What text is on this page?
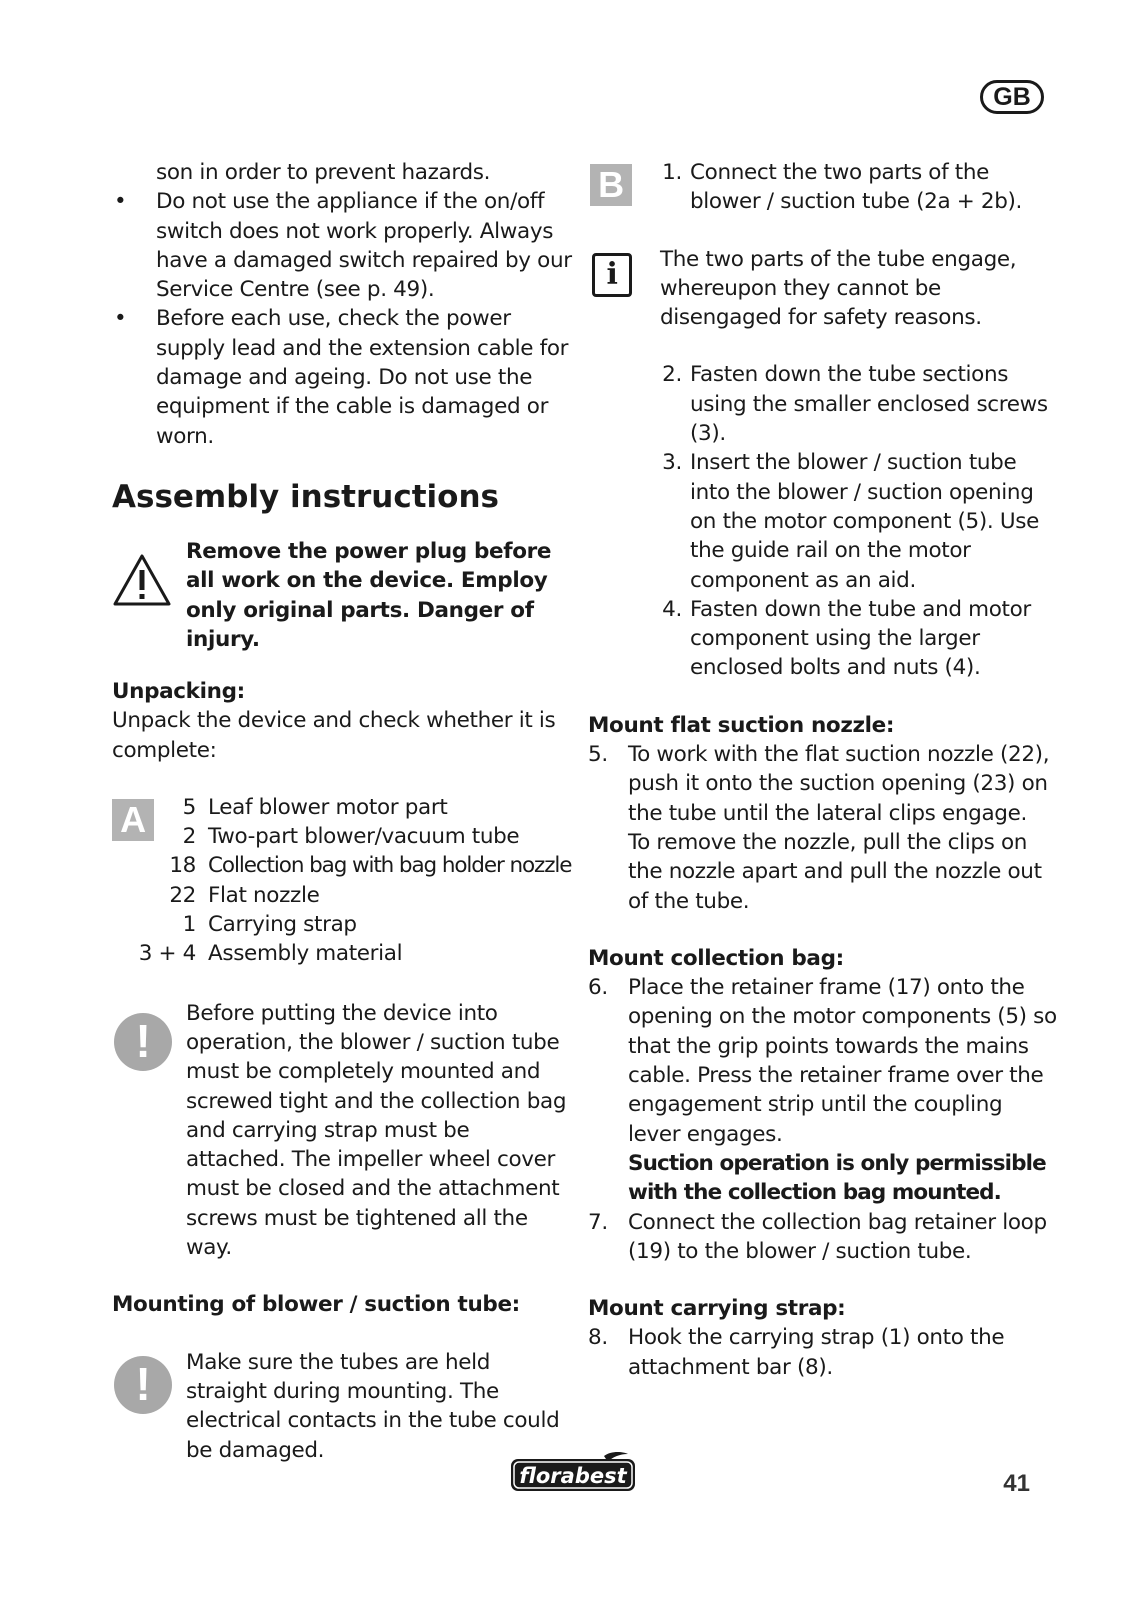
GB
son in order to prevent hazards.
• Do not use the appliance if the on/off switch does not work properly. Always have a damaged switch repaired by our Service Centre (see p. 49).
• Before each use, check the power supply lead and the extension cable for damage and ageing. Do not use the equipment if the cable is damaged or worn.
Assembly instructions
Remove the power plug before all work on the device. Employ only original parts. Danger of injury.
Unpacking:
Unpack the device and check whether it is complete:
A	5 Leaf blower motor part
2 Two-part blower/vacuum tube
18 Collection bag with bag holder nozzle
22 Flat nozzle
1 Carrying strap
3 + 4 Assembly material
!
Before putting the device into operation, the blower / suction tube must be completely mounted and screwed tight and the collection bag and carrying strap must be attached. The impeller wheel cover must be closed and the attachment screws must be tightened all the way.
Mounting of blower / suction tube:
!	Make sure the tubes are held straight during mounting. The electrical contacts in the tube could be damaged.
B	1. Connect the two parts of the blower / suction tube (2a + 2b).
i	The two parts of the tube engage, whereupon they cannot be disengaged for safety reasons.
2. Fasten down the tube sections using the smaller enclosed screws (3).
3. Insert the blower / suction tube into the blower / suction opening on the motor component (5). Use the guide rail on the motor component as an aid.
4. Fasten down the tube and motor component using the larger enclosed bolts and nuts (4).
Mount flat suction nozzle:
5. To work with the flat suction nozzle (22), push it onto the suction opening (23) on the tube until the lateral clips engage.
To remove the nozzle, pull the clips on the nozzle apart and pull the nozzle out of the tube.
Mount collection bag:
6. Place the retainer frame (17) onto the opening on the motor components (5) so that the grip points towards the mains cable. Press the retainer frame over the engagement strip until the coupling lever engages.
Suction operation is only permissible with the collection bag mounted.
7. Connect the collection bag retainer loop (19) to the blower / suction tube.
Mount carrying strap:
8. Hook the carrying strap (1) onto the attachment bar (8).
florabest	41
